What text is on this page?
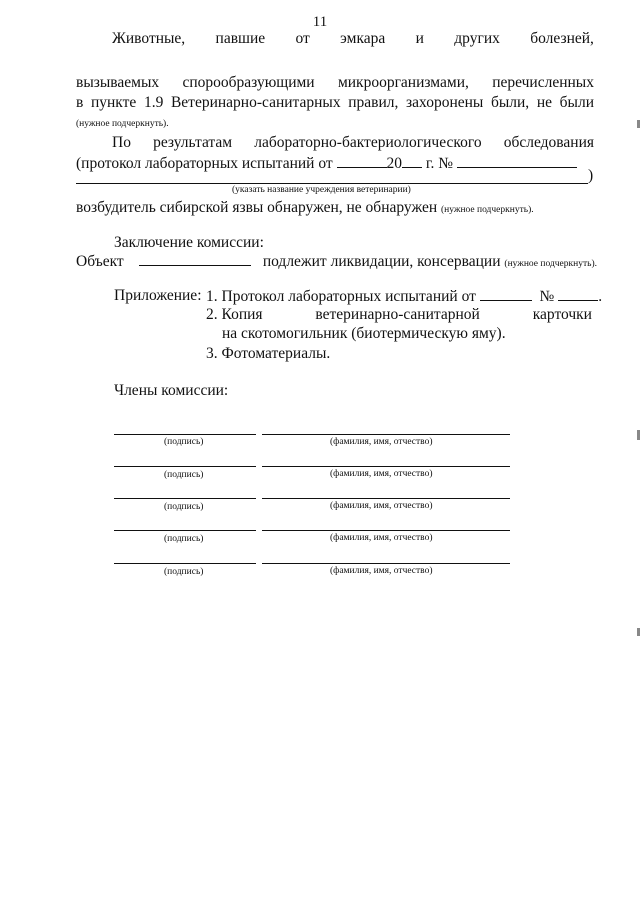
11
Животные, павшие от эмкара и других болезней,
вызываемых спорообразующими микроорганизмами, перечисленных
в пункте 1.9 Ветеринарно-санитарных правил, захоронены были, не были
(нужное подчеркнуть).
По результатам лабораторно-бактериологического обследования
(протокол лабораторных испытаний от	20 г. №
)
(указать название учреждения ветеринарии)
возбудитель сибирской язвы обнаружен, не обнаружен (нужное подчеркнуть).
Заключение комиссии:
Объект	подлежит ликвидации, консервации (нужное подчеркнуть).
Приложение: 1. Протокол лабораторных испытаний от	№	.
2. Копия	ветеринарно-санитарной	карточки
на скотомогильник (биотермическую яму).
3. Фотоматериалы.
Члены комиссии:
(подпись)	(фамилия, имя, отчество)
(подпись)	(фамилия, имя, отчество)
(подпись)	(фамилия, имя, отчество)
(подпись)	(фамилия, имя, отчество)
(подпись)	(фамилия, имя, отчество)
